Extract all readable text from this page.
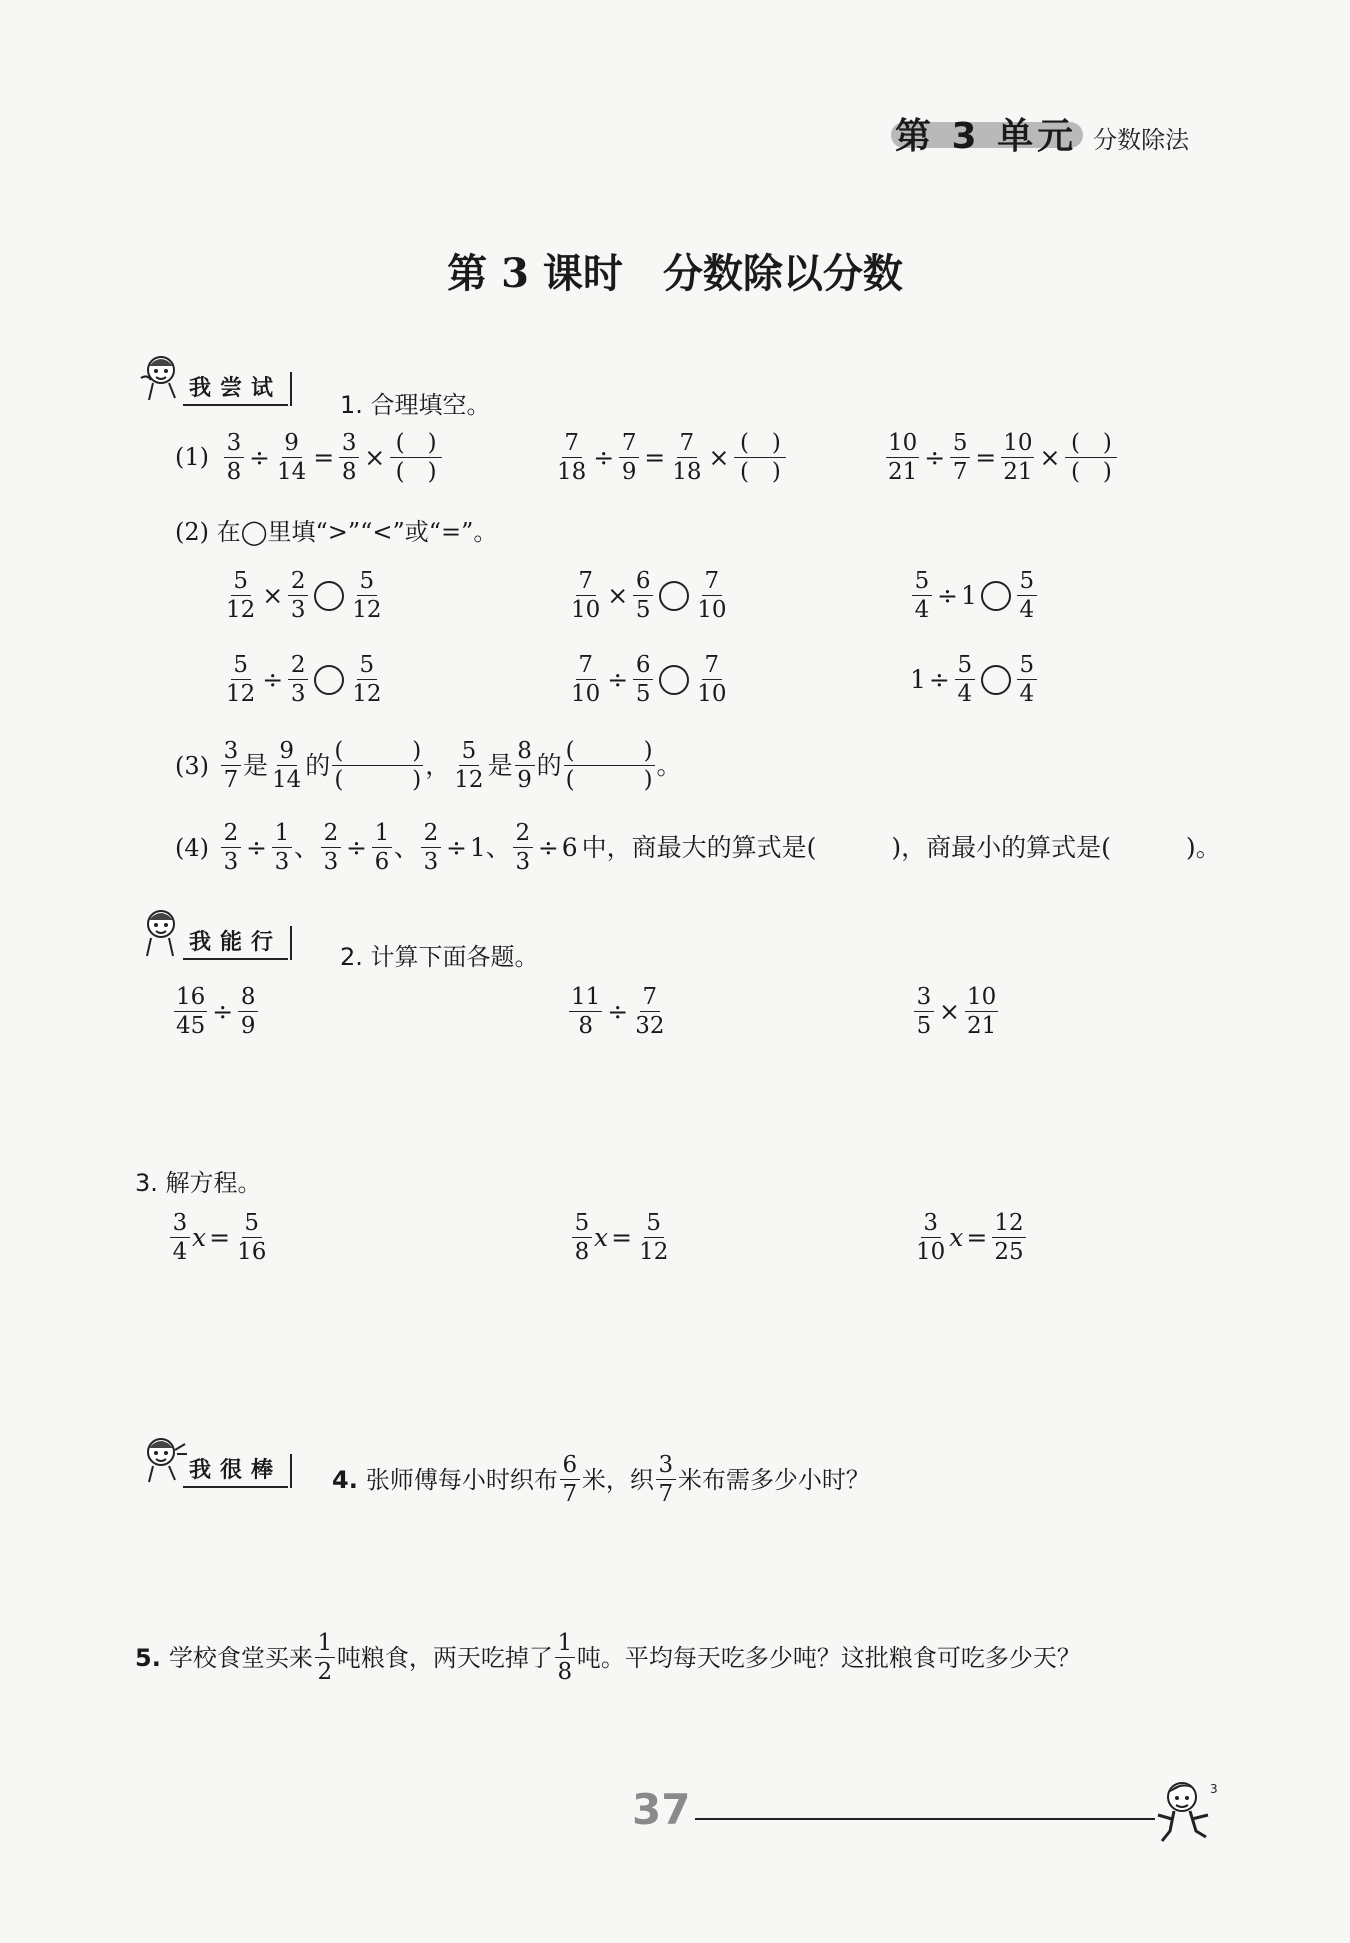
第 3 单元 分数除法
第 3 课时　分数除以分数
我尝试
1. 合理填空。
$(1) \frac{3}{8} \div \frac{9}{14} = \frac{3}{8} \times \frac{( )}{( )}$	$\frac{7}{18} \div \frac{7}{9} = \frac{7}{18} \times \frac{( )}{( )}$	$\frac{10}{21} \div \frac{5}{7} = \frac{10}{21} \times \frac{( )}{( )}$
(2) 在◯里填“>”“<”或“=”。
$\frac{5}{12} \times \frac{2}{3} \frac{5}{12}$	$\frac{7}{10} \times \frac{6}{5} \frac{7}{10}$	$\frac{5}{4} \div 1 \frac{5}{4}$
$\frac{5}{12} \div \frac{2}{3} \frac{5}{12}$	$\frac{7}{10} \div \frac{6}{5} \frac{7}{10}$	$1 \div \frac{5}{4} \frac{5}{4}$
$(3) \frac{3}{7}$ 是 $\frac{9}{14}$ 的 $\frac{( )}{( )}$ ， $\frac{5}{12}$ 是 $\frac{8}{9}$ 的 $\frac{( )}{( )}$ 。
$(4) \frac{2}{3} \div \frac{1}{3}$ 、 $\frac{2}{3} \div \frac{1}{6}$ 、 $\frac{2}{3} \div 1$ 、 $\frac{2}{3} \div 6$ 中，商最大的算式是(　　　)，商最小的算式是(　　　)。
我能行
2. 计算下面各题。
$\frac{16}{45} \div \frac{8}{9}$	$\frac{11}{8} \div \frac{7}{32}$	$\frac{3}{5} \times \frac{10}{21}$
3. 解方程。
$\frac{3}{4}$ $x = \frac{5}{16}$	$\frac{5}{8}$ $x = \frac{5}{12}$	$\frac{3}{10}$ $x = \frac{12}{25}$
我很棒 4. 张师傅每小时织布 $\frac{6}{7}$ 米，织 $\frac{3}{7}$ 米布需多少小时？
5. 学校食堂买来 $\frac{1}{2}$ 吨粮食，两天吃掉了 $\frac{1}{8}$ 吨。平均每天吃多少吨？这批粮食可吃多少天？
37	3
